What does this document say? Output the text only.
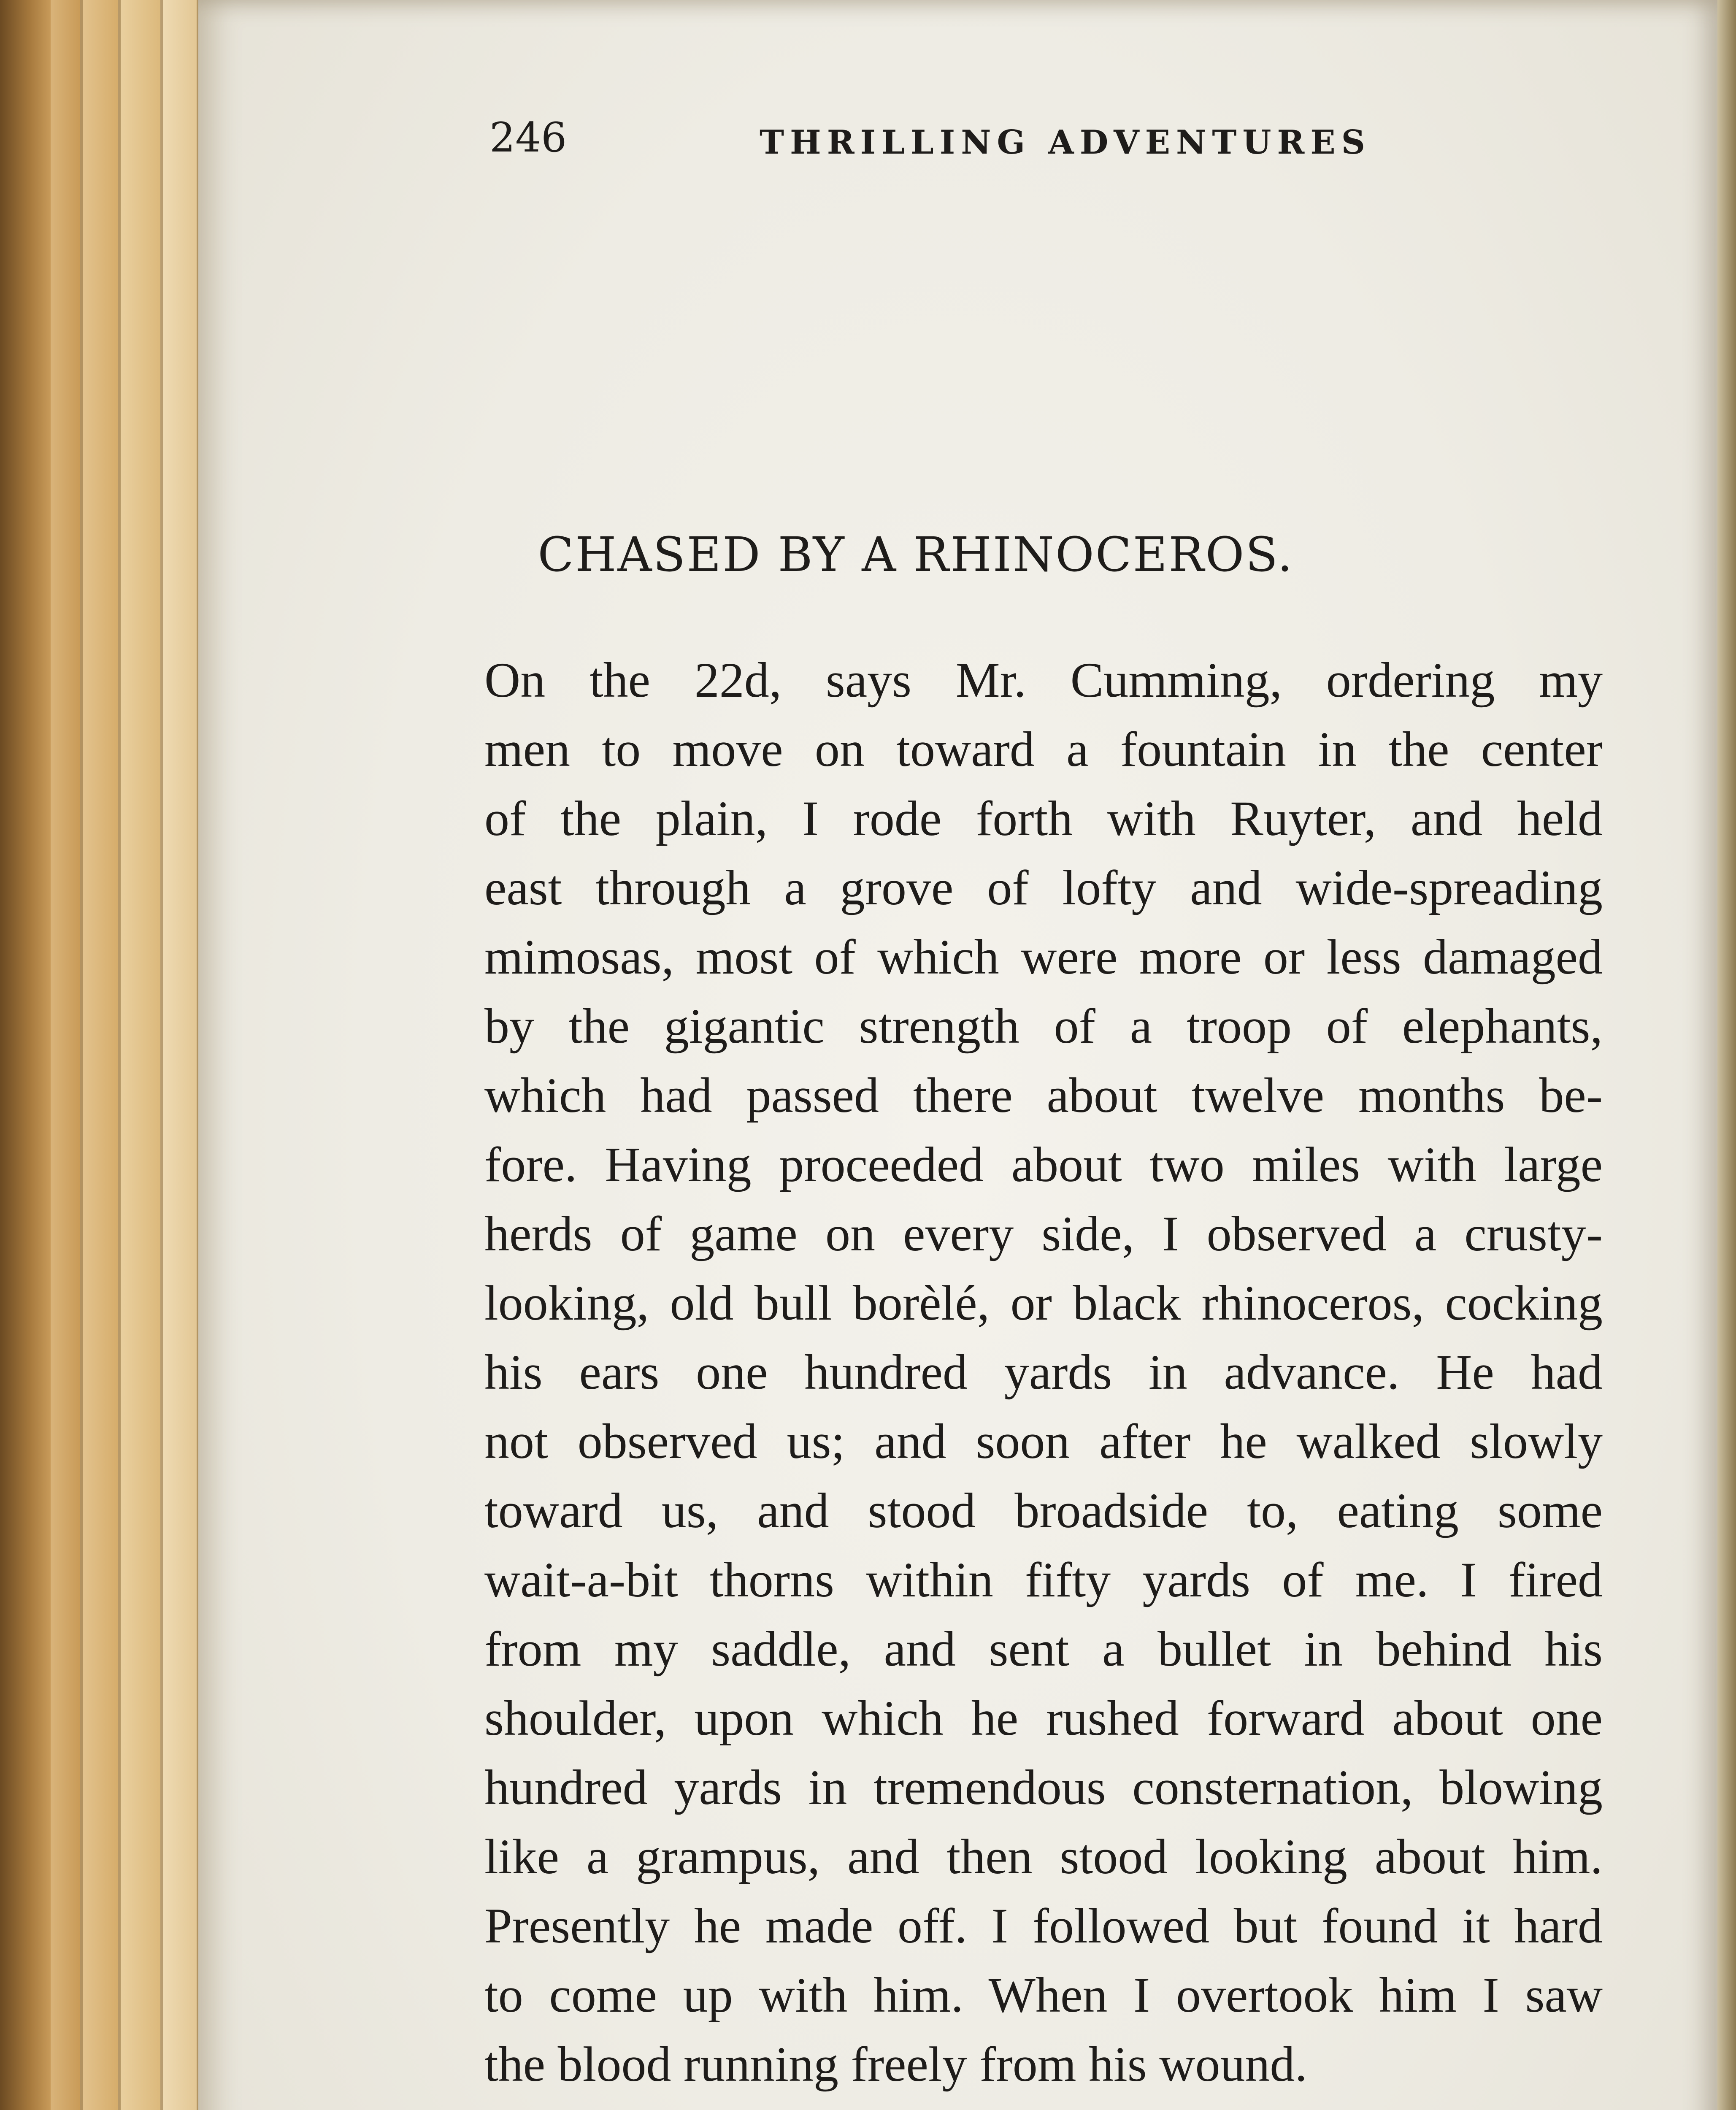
246	THRILLING ADVENTURES
CHASED BY A RHINOCEROS.
On the 22d, says Mr. Cumming, ordering my
men to move on toward a fountain in the center
of the plain, I rode forth with Ruyter, and held
east through a grove of lofty and wide-spreading
mimosas, most of which were more or less damaged
by the gigantic strength of a troop of elephants,
which had passed there about twelve months be-
fore. Having proceeded about two miles with large
herds of game on every side, I observed a crusty-
looking, old bull borèlé, or black rhinoceros, cocking
his ears one hundred yards in advance. He had
not observed us; and soon after he walked slowly
toward us, and stood broadside to, eating some
wait-a-bit thorns within fifty yards of me. I fired
from my saddle, and sent a bullet in behind his
shoulder, upon which he rushed forward about one
hundred yards in tremendous consternation, blowing
like a grampus, and then stood looking about him.
Presently he made off. I followed but found it hard
to come up with him. When I overtook him I saw
the blood running freely from his wound.
